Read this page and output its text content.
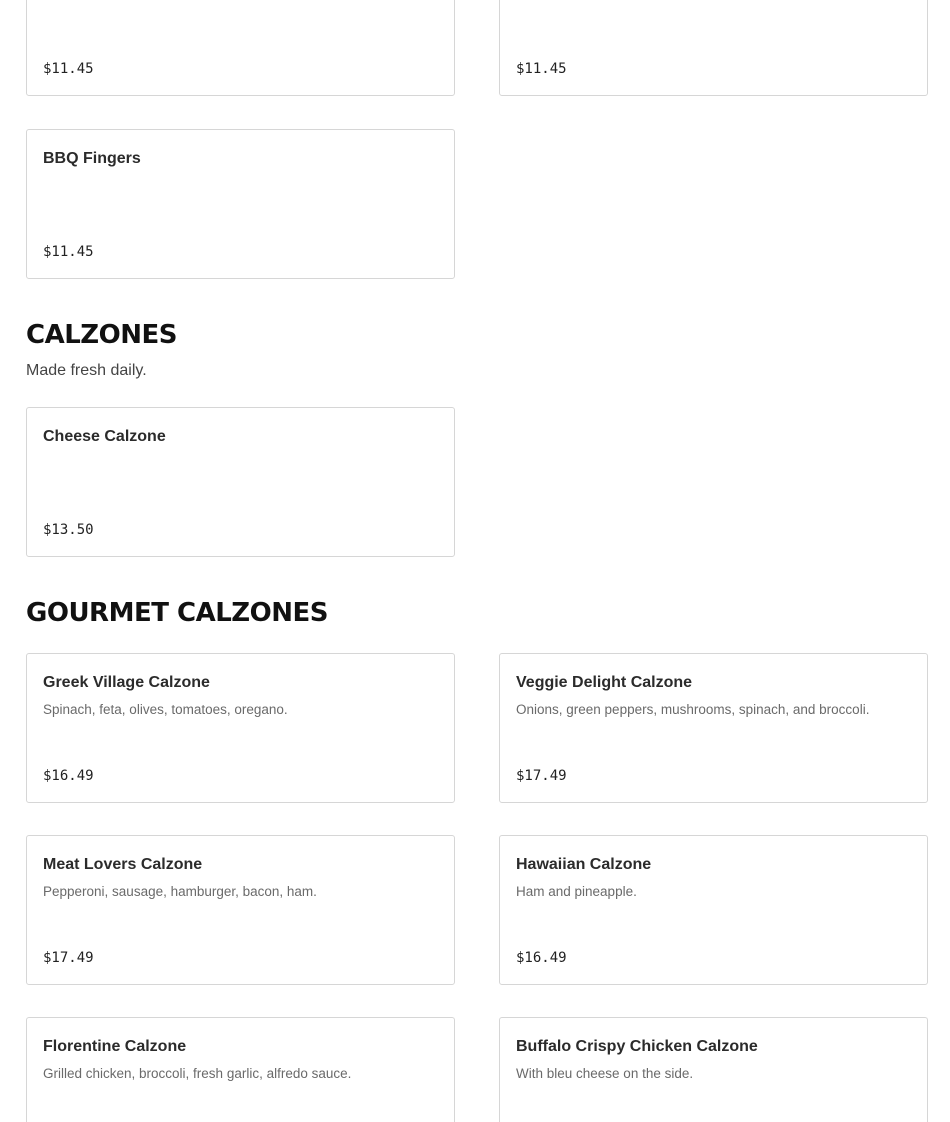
$11.45	$11.45
BBQ Fingers
$11.45
CALZONES
Made fresh daily.
Cheese Calzone
$13.50
GOURMET CALZONES
Greek Village Calzone
Spinach, feta, olives, tomatoes, oregano.
$16.49
Veggie Delight Calzone
Onions, green peppers, mushrooms, spinach, and broccoli.
$17.49
Meat Lovers Calzone
Pepperoni, sausage, hamburger, bacon, ham.
$17.49
Hawaiian Calzone
Ham and pineapple.
$16.49
Florentine Calzone
Grilled chicken, broccoli, fresh garlic, alfredo sauce.
Buffalo Crispy Chicken Calzone
With bleu cheese on the side.
